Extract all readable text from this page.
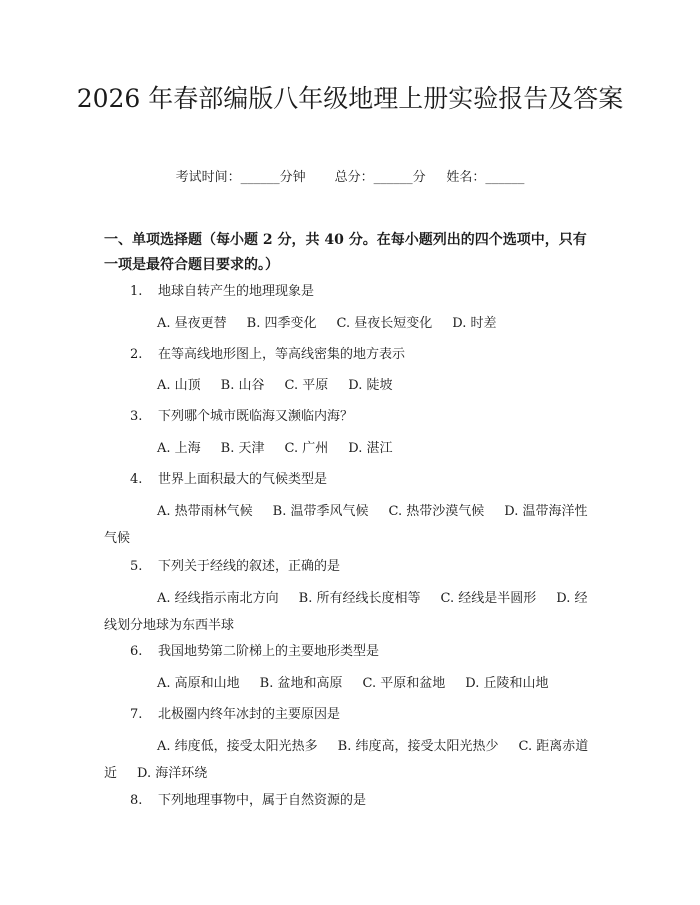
2026 年春部编版八年级地理上册实验报告及答案
考试时间：______分钟 总分：______分 姓名：______
一、单项选择题（每小题 2 分，共 40 分。在每小题列出的四个选项中，只有一项是最符合题目要求的。）
1. 地球自转产生的地理现象是
A. 昼夜更替 B. 四季变化 C. 昼夜长短变化 D. 时差
2. 在等高线地形图上，等高线密集的地方表示
A. 山顶 B. 山谷 C. 平原 D. 陡坡
3. 下列哪个城市既临海又濒临内海？
A. 上海 B. 天津 C. 广州 D. 湛江
4. 世界上面积最大的气候类型是
A. 热带雨林气候 B. 温带季风气候 C. 热带沙漠气候 D. 温带海洋性气候
5. 下列关于经线的叙述，正确的是
A. 经线指示南北方向 B. 所有经线长度相等 C. 经线是半圆形 D. 经线划分地球为东西半球
6. 我国地势第二阶梯上的主要地形类型是
A. 高原和山地 B. 盆地和高原 C. 平原和盆地 D. 丘陵和山地
7. 北极圈内终年冰封的主要原因是
A. 纬度低，接受太阳光热多 B. 纬度高，接受太阳光热少 C. 距离赤道近 D. 海洋环绕
8. 下列地理事物中，属于自然资源的是
